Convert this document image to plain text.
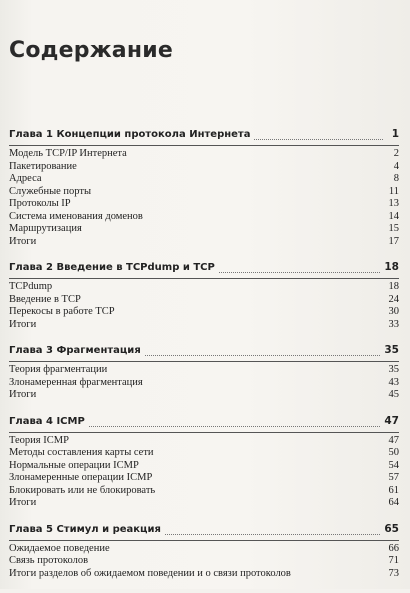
Содержание
Глава 1 Концепции протокола Интернета	1
Модель TCP/IP Интернета	2
Пакетирование	4
Адреса	8
Служебные порты	11
Протоколы IP	13
Система именования доменов	14
Маршрутизация	15
Итоги	17
Глава 2 Введение в TCPdump и TCP	18
TCPdump	18
Введение в TCP	24
Перекосы в работе TCP	30
Итоги	33
Глава 3 Фрагментация	35
Теория фрагментации	35
Злонамеренная фрагментация	43
Итоги	45
Глава 4 ICMP	47
Теория ICMP	47
Методы составления карты сети	50
Нормальные операции ICMP	54
Злонамеренные операции ICMP	57
Блокировать или не блокировать	61
Итоги	64
Глава 5 Стимул и реакция	65
Ожидаемое поведение	66
Связь протоколов	71
Итоги разделов об ожидаемом поведении и о связи протоколов	73
